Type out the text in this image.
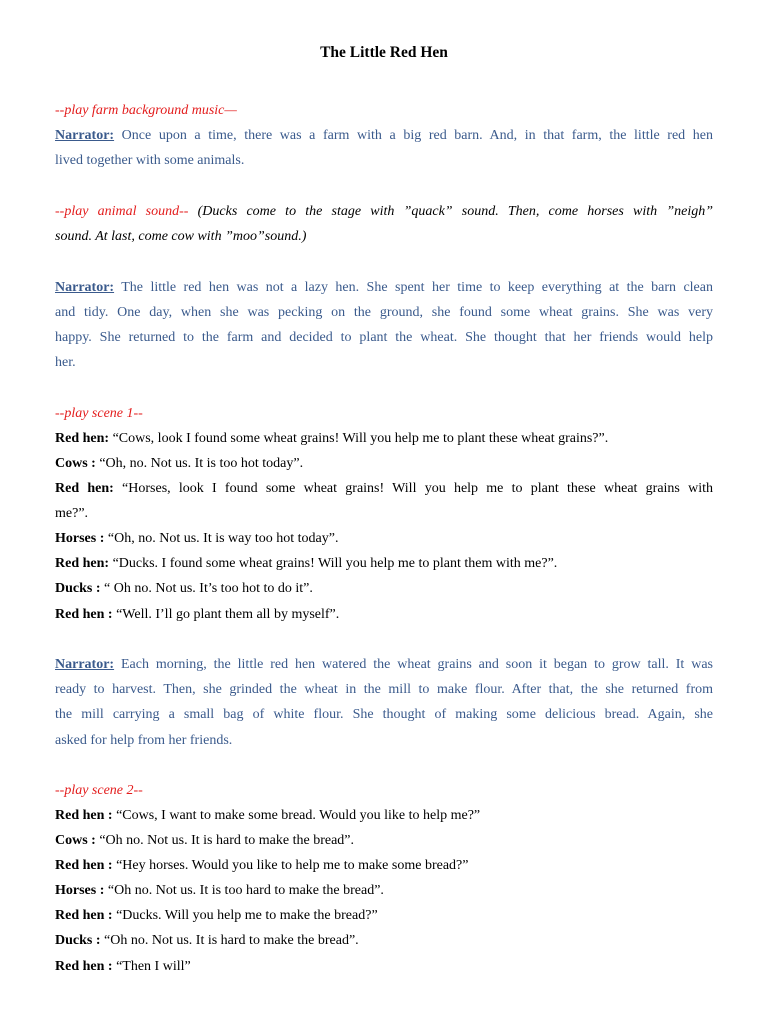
The Little Red Hen

--play farm background music—

Narrator: Once upon a time, there was a farm with a big red barn. And, in that farm, the little red hen

lived together with some animals.

--play animal sound-- (Ducks come to the stage with ”quack” sound. Then, come horses with ”neigh”

sound. At last, come cow with ”moo”sound.)

Narrator: The little red hen was not a lazy hen. She spent her time to keep everything at the barn clean

and tidy. One day, when she was pecking on the ground, she found some wheat grains. She was very

happy. She returned to the farm and decided to plant the wheat. She thought that her friends would help

her.

--play scene 1--

Red hen: “Cows, look I found some wheat grains! Will you help me to plant these wheat grains?”.

Cows : “Oh, no. Not us. It is too hot today”.

Red hen: “Horses, look I found some wheat grains! Will you help me to plant these wheat grains with

me?”.

Horses : “Oh, no. Not us. It is way too hot today”.

Red hen: “Ducks. I found some wheat grains! Will you help me to plant them with me?”.

Ducks : “ Oh no. Not us. It’s too hot to do it”.

Red hen : “Well. I’ll go plant them all by myself”.

Narrator: Each morning, the little red hen watered the wheat grains and soon it began to grow tall. It was

ready to harvest. Then, she grinded the wheat in the mill to make flour. After that, the she returned from

the mill carrying a small bag of white flour. She thought of making some delicious bread. Again, she

asked for help from her friends.

--play scene 2--

Red hen : “Cows, I want to make some bread. Would you like to help me?”

Cows : “Oh no. Not us. It is hard to make the bread”.

Red hen : “Hey horses. Would you like to help me to make some bread?”

Horses : “Oh no. Not us. It is too hard to make the bread”.

Red hen : “Ducks. Will you help me to make the bread?”

Ducks : “Oh no. Not us. It is hard to make the bread”.

Red hen : “Then I will”
